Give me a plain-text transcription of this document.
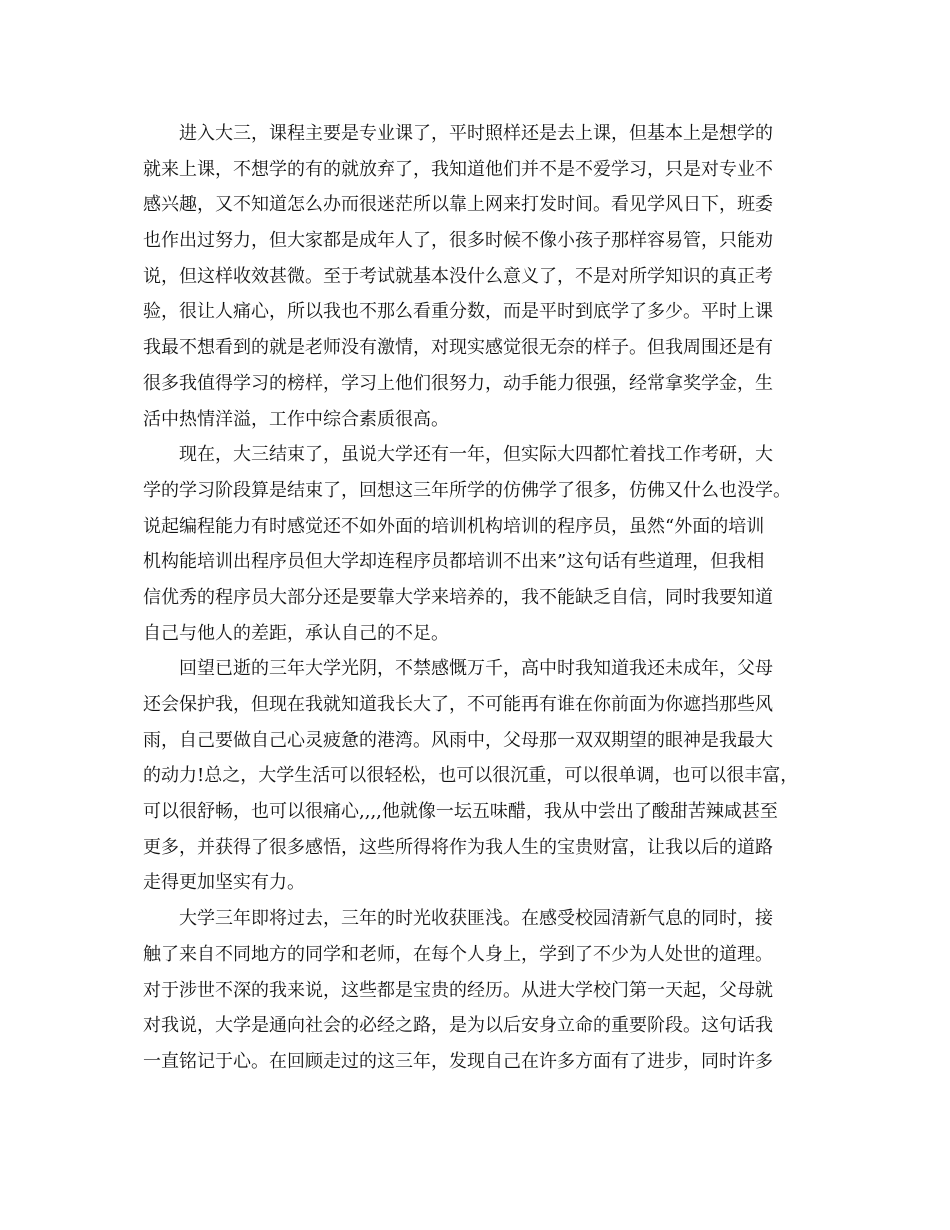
进入大三，课程主要是专业课了，平时照样还是去上课，但基本上是想学的
就来上课，不想学的有的就放弃了，我知道他们并不是不爱学习，只是对专业不
感兴趣，又不知道怎么办而很迷茫所以靠上网来打发时间。看见学风日下，班委
也作出过努力，但大家都是成年人了，很多时候不像小孩子那样容易管，只能劝
说，但这样收效甚微。至于考试就基本没什么意义了，不是对所学知识的真正考
验，很让人痛心，所以我也不那么看重分数，而是平时到底学了多少。平时上课
我最不想看到的就是老师没有激情，对现实感觉很无奈的样子。但我周围还是有
很多我值得学习的榜样，学习上他们很努力，动手能力很强，经常拿奖学金，生
活中热情洋溢，工作中综合素质很高。
现在，大三结束了，虽说大学还有一年，但实际大四都忙着找工作考研，大
学的学习阶段算是结束了，回想这三年所学的仿佛学了很多，仿佛又什么也没学。
说起编程能力有时感觉还不如外面的培训机构培训的程序员，虽然“外面的培训
机构能培训出程序员但大学却连程序员都培训不出来”这句话有些道理，但我相
信优秀的程序员大部分还是要靠大学来培养的，我不能缺乏自信，同时我要知道
自己与他人的差距，承认自己的不足。
回望已逝的三年大学光阴，不禁感慨万千，高中时我知道我还未成年，父母
还会保护我，但现在我就知道我长大了，不可能再有谁在你前面为你遮挡那些风
雨，自己要做自己心灵疲惫的港湾。风雨中，父母那一双双期望的眼神是我最大
的动力!总之，大学生活可以很轻松，也可以很沉重，可以很单调，也可以很丰富，
可以很舒畅，也可以很痛心,,,,他就像一坛五味醋，我从中尝出了酸甜苦辣咸甚至
更多，并获得了很多感悟，这些所得将作为我人生的宝贵财富，让我以后的道路
走得更加坚实有力。
大学三年即将过去，三年的时光收获匪浅。在感受校园清新气息的同时，接
触了来自不同地方的同学和老师，在每个人身上，学到了不少为人处世的道理。
对于涉世不深的我来说，这些都是宝贵的经历。从进大学校门第一天起，父母就
对我说，大学是通向社会的必经之路，是为以后安身立命的重要阶段。这句话我
一直铭记于心。在回顾走过的这三年，发现自己在许多方面有了进步，同时许多
